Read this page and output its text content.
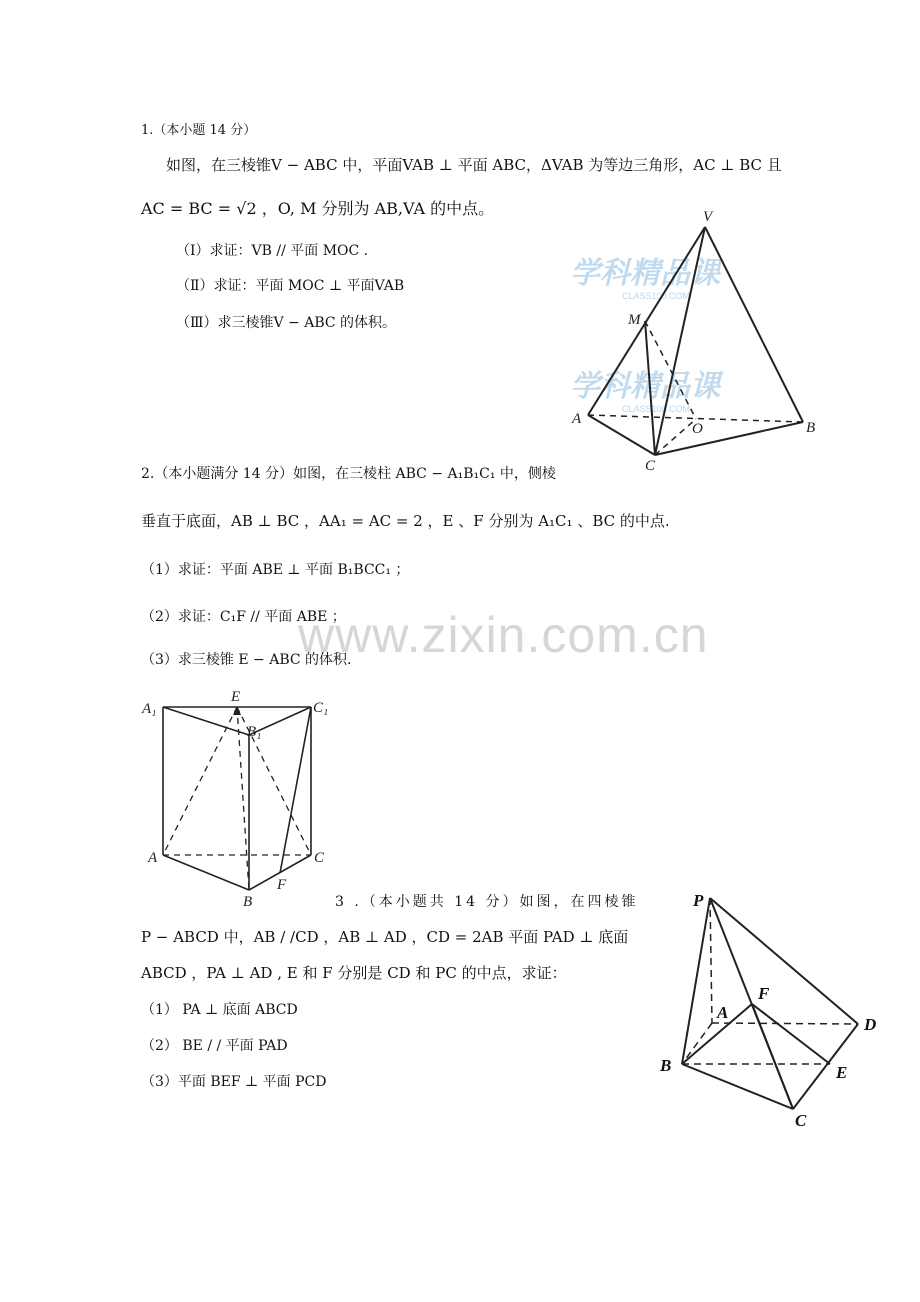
www.zixin.com.cn
1.（本小题 14 分）
如图，在三棱锥V − ABC 中，平面VAB ⊥ 平面 ABC，ΔVAB 为等边三角形，AC ⊥ BC 且
AC = BC = √2 ，O, M 分别为 AB,VA 的中点。
（Ⅰ）求证：VB // 平面 MOC .
（Ⅱ）求证：平面 MOC ⊥ 平面VAB
（Ⅲ）求三棱锥V − ABC 的体积。
学科精品课
CLASS100.COM
学科精品课
CLASS100.COM
V
M
A
O	B
C
2.（本小题满分 14 分）如图，在三棱柱 ABC − A₁B₁C₁ 中，侧棱
垂直于底面，AB ⊥ BC ，AA₁ = AC = 2 ，E 、F 分别为 A₁C₁ 、BC 的中点.
（1）求证：平面 ABE ⊥ 平面 B₁BCC₁ ；
（2）求证：C₁F // 平面 ABE ；
（3）求三棱锥 E − ABC 的体积.
A₁
E
C₁
B₁
A	C
F
B	3 .（本小题共 14 分）如图，在四棱锥
P − ABCD 中，AB / /CD ，AB ⊥ AD ，CD = 2AB 平面 PAD ⊥ 底面
ABCD ，PA ⊥ AD , E 和 F 分别是 CD 和 PC 的中点，求证：
（1） PA ⊥ 底面 ABCD
（2） BE / / 平面 PAD
（3）平面 BEF ⊥ 平面 PCD
P
F
A
D
B	E
C
